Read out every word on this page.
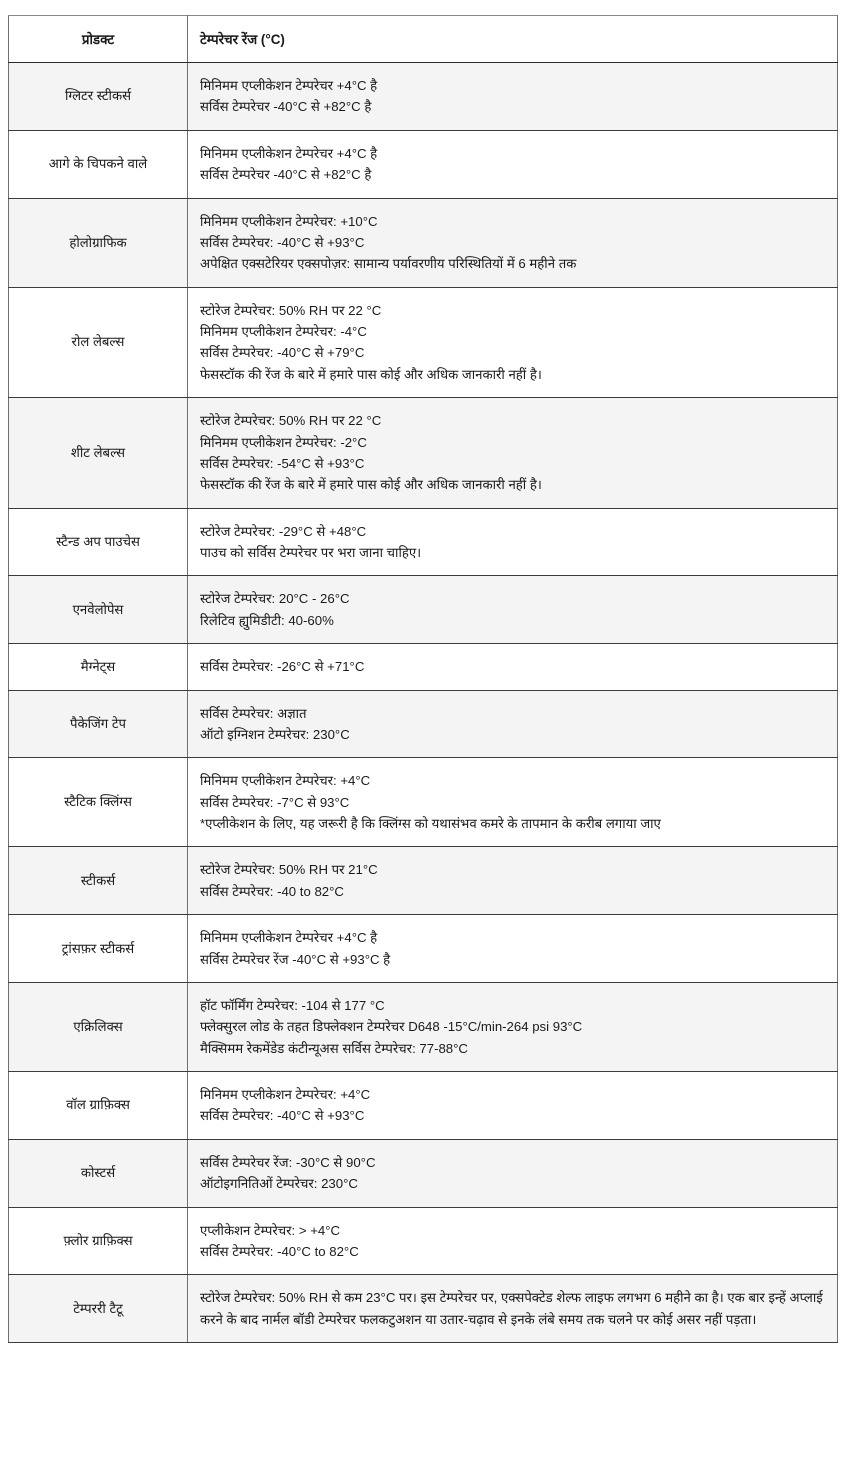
प्रोडक्ट	टेम्परेचर रेंज (°C)

ग्लिटर स्टीकर्स	मिनिमम एप्लीकेशन टेम्परेचर +4°C है
सर्विस टेम्परेचर -40°C से +82°C है

आगे के चिपकने वाले	मिनिमम एप्लीकेशन टेम्परेचर +4°C है
सर्विस टेम्परेचर -40°C से +82°C है

होलोग्राफिक	मिनिमम एप्लीकेशन टेम्परेचर: +10°C
सर्विस टेम्परेचर: -40°C से +93°C
अपेक्षित एक्सटेरियर एक्सपोज़र: सामान्य पर्यावरणीय परिस्थितियों में 6 महीने तक

रोल लेबल्स	स्टोरेज टेम्परेचर: 50% RH पर 22 °C
मिनिमम एप्लीकेशन टेम्परेचर: -4°C
सर्विस टेम्परेचर: -40°C से +79°C
फेसस्टॉक की रेंज के बारे में हमारे पास कोई और अधिक जानकारी नहीं है।

शीट लेबल्स	स्टोरेज टेम्परेचर: 50% RH पर 22 °C
मिनिमम एप्लीकेशन टेम्परेचर: -2°C
सर्विस टेम्परेचर: -54°C से +93°C
फेसस्टॉक की रेंज के बारे में हमारे पास कोई और अधिक जानकारी नहीं है।

स्टैन्ड अप पाउचेस	स्टोरेज टेम्परेचर: -29°C से +48°C
पाउच को सर्विस टेम्परेचर पर भरा जाना चाहिए।

एनवेलोपेस	स्टोरेज टेम्परेचर: 20°C - 26°C
रिलेटिव ह्युमिडीटी: 40-60%

मैग्नेट्स	सर्विस टेम्परेचर: -26°C से +71°C

पैकेजिंग टेप	सर्विस टेम्परेचर: अज्ञात
ऑटो इग्निशन टेम्परेचर: 230°C

स्टैटिक क्लिंग्स	मिनिमम एप्लीकेशन टेम्परेचर: +4°C
सर्विस टेम्परेचर: -7°C से 93°C
*एप्लीकेशन के लिए, यह जरूरी है कि क्लिंग्स को यथासंभव कमरे के तापमान के करीब लगाया जाए

स्टीकर्स	स्टोरेज टेम्परेचर: 50% RH पर 21°C
सर्विस टेम्परेचर: -40 to 82°C

ट्रांसफ़र स्टीकर्स	मिनिमम एप्लीकेशन टेम्परेचर +4°C है
सर्विस टेम्परेचर रेंज -40°C से +93°C है

एक्रिलिक्स	हॉट फॉर्मिंग टेम्परेचर: -104 से 177 °C
फ्लेक्सुरल लोड के तहत डिफ्लेक्शन टेम्परेचर D648 -15°C/min-264 psi 93°C
मैक्सिमम रेकमेंडेड कंटीन्यूअस सर्विस टेम्परेचर: 77-88°C

वॉल ग्राफ़िक्स	मिनिमम एप्लीकेशन टेम्परेचर: +4°C
सर्विस टेम्परेचर: -40°C से +93°C

कोस्टर्स	सर्विस टेम्परेचर रेंज: -30°C से 90°C
ऑटोइगनितिओं टेम्परेचर: 230°C

फ़्लोर ग्राफ़िक्स	एप्लीकेशन टेम्परेचर: > +4°C
सर्विस टेम्परेचर: -40°C to 82°C

टेम्पररी टैटू	स्टोरेज टेम्परेचर: 50% RH से कम 23°C पर। इस टेम्परेचर पर, एक्सपेक्टेड शेल्फ लाइफ लगभग 6 महीने का है। एक बार इन्हें अप्लाई करने के बाद नार्मल बॉडी टेम्परेचर फलकटुअशन या उतार-चढ़ाव से इनके लंबे समय तक चलने पर कोई असर नहीं पड़ता।
